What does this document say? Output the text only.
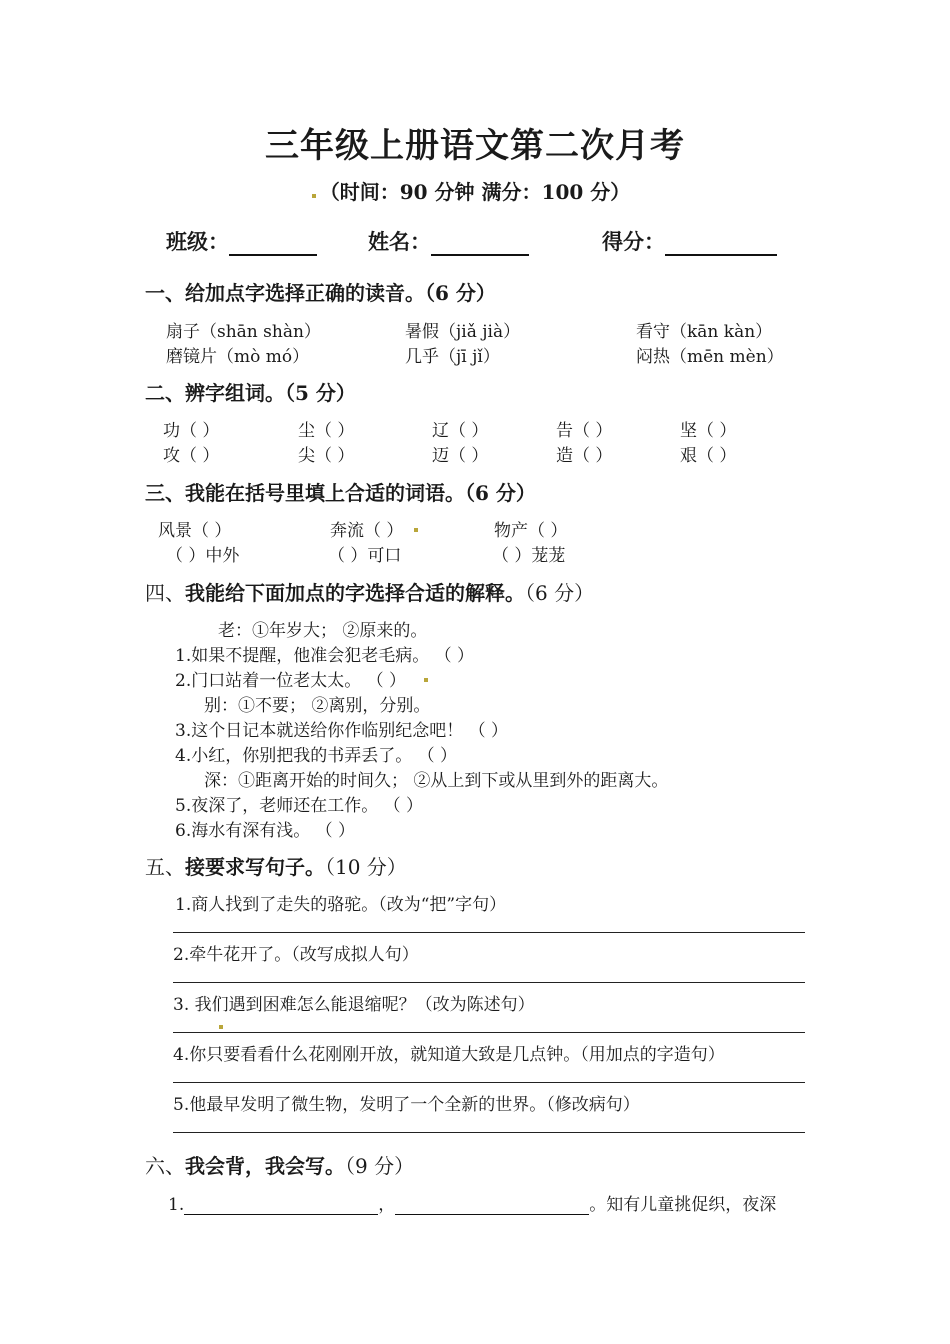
三年级上册语文第二次月考
（时间：90 分钟 满分：100 分）
班级：	姓名：	得分：
一、给加点字选择正确的读音。（6 分）
扇子（shān shàn）	暑假（jiǎ jià）	看守（kān kàn）
磨镜片（mò mó）	几乎（jī jǐ）	闷热（mēn mèn）
二、辨字组词。（5 分）
功（ ）	尘（ ）	辽（ ）	告（ ）	坚（ ）
攻（ ）	尖（ ）	迈（ ）	造（ ）	艰（ ）
三、我能在括号里填上合适的词语。（6 分）
风景（ ）	奔流（ ）	物产（ ）
（ ）中外	（ ）可口	（ ）茏茏
四、我能给下面加点的字选择合适的解释。（6 分）
老：①年岁大； ②原来的。
1.如果不提醒，他准会犯老毛病。 （ ）
2.门口站着一位老太太。 （ ）
别：①不要； ②离别，分别。
3.这个日记本就送给你作临别纪念吧！ （ ）
4.小红，你别把我的书弄丢了。 （ ）
深：①距离开始的时间久； ②从上到下或从里到外的距离大。
5.夜深了，老师还在工作。 （ ）
6.海水有深有浅。 （ ）
五、接要求写句子。（10 分）
1.商人找到了走失的骆驼。（改为“把”字句）
2.牵牛花开了。（改写成拟人句）
3. 我们遇到困难怎么能退缩呢？（改为陈述句）
4.你只要看看什么花刚刚开放，就知道大致是几点钟。（用加点的字造句）
5.他最早发明了微生物，发明了一个全新的世界。（修改病句）
六、我会背，我会写。（9 分）
1.	，	。知有儿童挑促织，夜深
